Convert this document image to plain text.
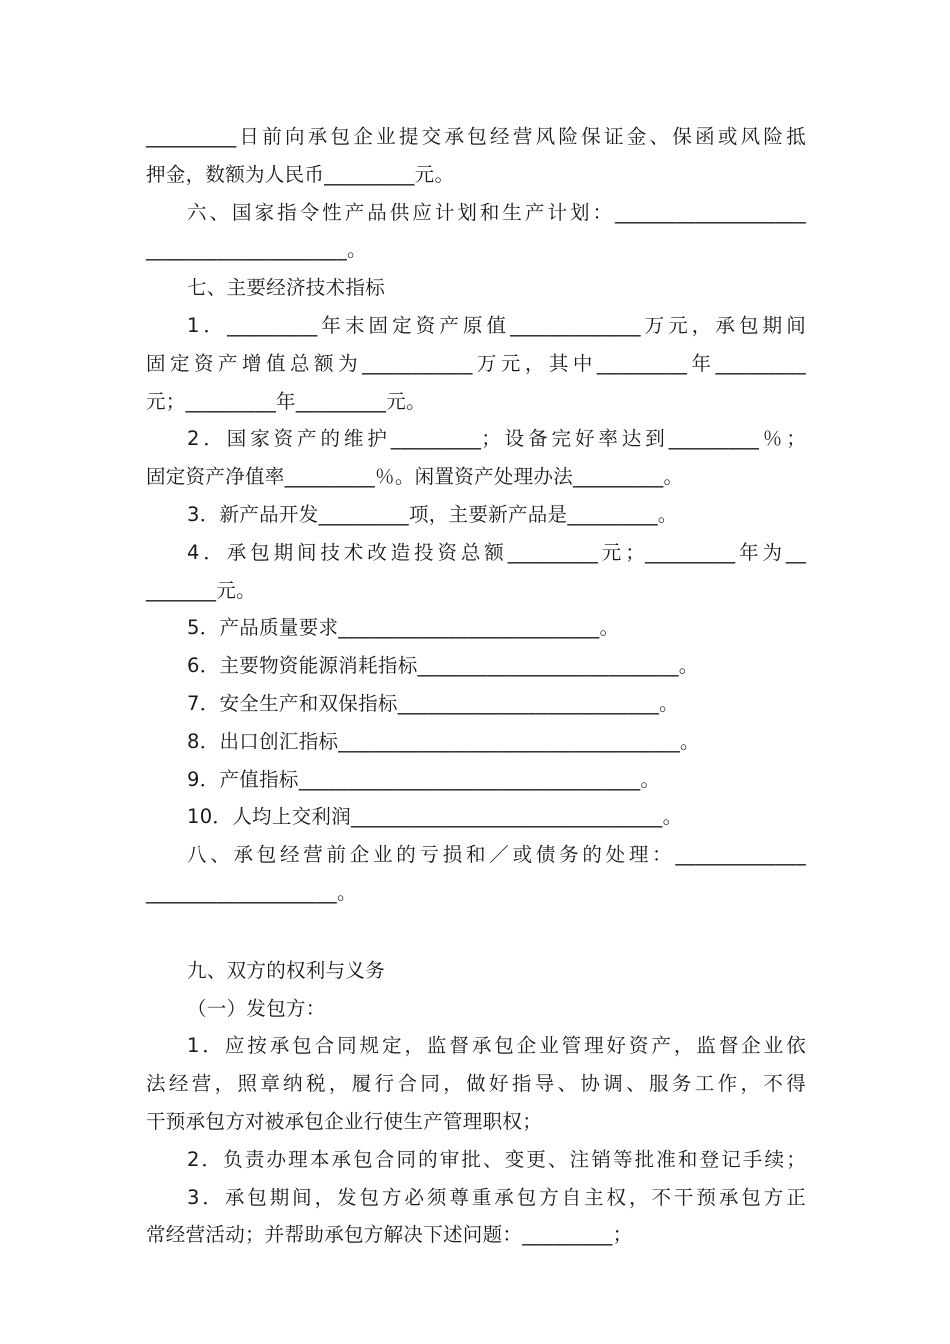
_________日前向承包企业提交承包经营风险保证金、保函或风险抵
押金，数额为人民币_________元。
六、国家指令性产品供应计划和生产计划：___________________
____________________。
七、主要经济技术指标
1．_________年末固定资产原值_____________万元，承包期间
固定资产增值总额为___________万元，其中_________年_________
元；_________年_________元。
2．国家资产的维护_________；设备完好率达到_________％；
固定资产净值率_________％。闲置资产处理办法_________。
3．新产品开发_________项，主要新产品是_________。
4．承包期间技术改造投资总额_________元；_________年为__
_______元。
5．产品质量要求__________________________。
6．主要物资能源消耗指标__________________________。
7．安全生产和双保指标__________________________。
8．出口创汇指标__________________________________。
9．产值指标__________________________________。
10．人均上交利润_______________________________。
八、承包经营前企业的亏损和／或债务的处理：_____________
___________________。
九、双方的权利与义务
（一）发包方：
1．应按承包合同规定，监督承包企业管理好资产，监督企业依
法经营，照章纳税，履行合同，做好指导、协调、服务工作，不得
干预承包方对被承包企业行使生产管理职权；
2．负责办理本承包合同的审批、变更、注销等批准和登记手续；
3．承包期间，发包方必须尊重承包方自主权，不干预承包方正
常经营活动；并帮助承包方解决下述问题：_________；
